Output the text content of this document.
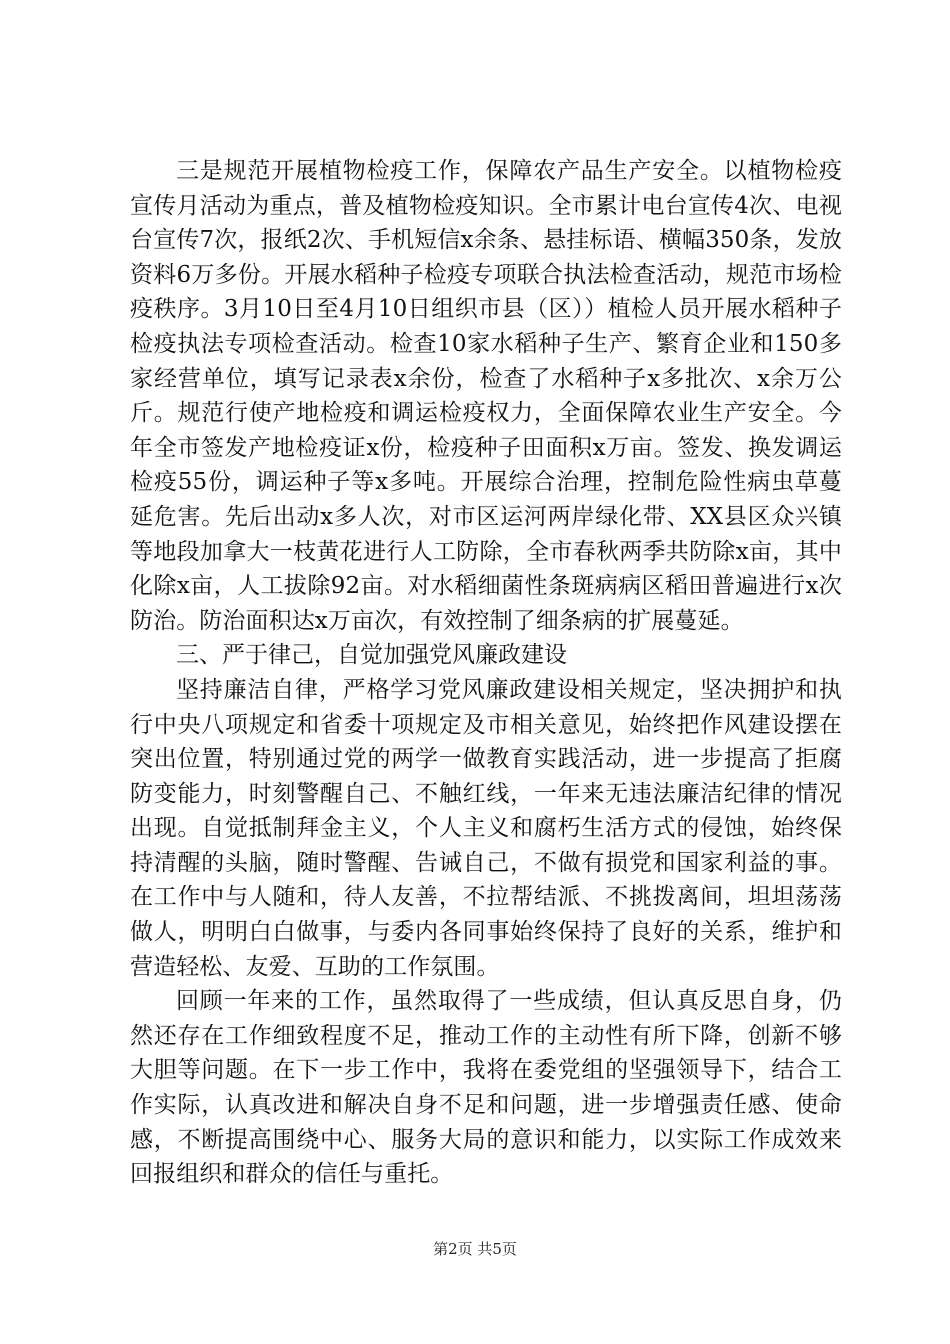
三是规范开展植物检疫工作，保障农产品生产安全。以植物检疫宣传月活动为重点，普及植物检疫知识。全市累计电台宣传4次、电视台宣传7次，报纸2次、手机短信x余条、悬挂标语、横幅350条，发放资料6万多份。开展水稻种子检疫专项联合执法检查活动，规范市场检疫秩序。3月10日至4月10日组织市县（区））植检人员开展水稻种子检疫执法专项检查活动。检查10家水稻种子生产、繁育企业和150多家经营单位，填写记录表x余份，检查了水稻种子x多批次、x余万公斤。规范行使产地检疫和调运检疫权力，全面保障农业生产安全。今年全市签发产地检疫证x份，检疫种子田面积x万亩。签发、换发调运检疫55份，调运种子等x多吨。开展综合治理，控制危险性病虫草蔓延危害。先后出动x多人次，对市区运河两岸绿化带、XX县区众兴镇等地段加拿大一枝黄花进行人工防除，全市春秋两季共防除x亩，其中化除x亩，人工拔除92亩。对水稻细菌性条斑病病区稻田普遍进行x次防治。防治面积达x万亩次，有效控制了细条病的扩展蔓延。

三、严于律己，自觉加强党风廉政建设

坚持廉洁自律，严格学习党风廉政建设相关规定，坚决拥护和执行中央八项规定和省委十项规定及市相关意见，始终把作风建设摆在突出位置，特别通过党的两学一做教育实践活动，进一步提高了拒腐防变能力，时刻警醒自己、不触红线，一年来无违法廉洁纪律的情况出现。自觉抵制拜金主义，个人主义和腐朽生活方式的侵蚀，始终保持清醒的头脑，随时警醒、告诫自己，不做有损党和国家利益的事。在工作中与人随和，待人友善，不拉帮结派、不挑拨离间，坦坦荡荡做人，明明白白做事，与委内各同事始终保持了良好的关系，维护和营造轻松、友爱、互助的工作氛围。

回顾一年来的工作，虽然取得了一些成绩，但认真反思自身，仍然还存在工作细致程度不足，推动工作的主动性有所下降，创新不够大胆等问题。在下一步工作中，我将在委党组的坚强领导下，结合工作实际，认真改进和解决自身不足和问题，进一步增强责任感、使命感，不断提高围绕中心、服务大局的意识和能力，以实际工作成效来回报组织和群众的信任与重托。

第2页 共5页
